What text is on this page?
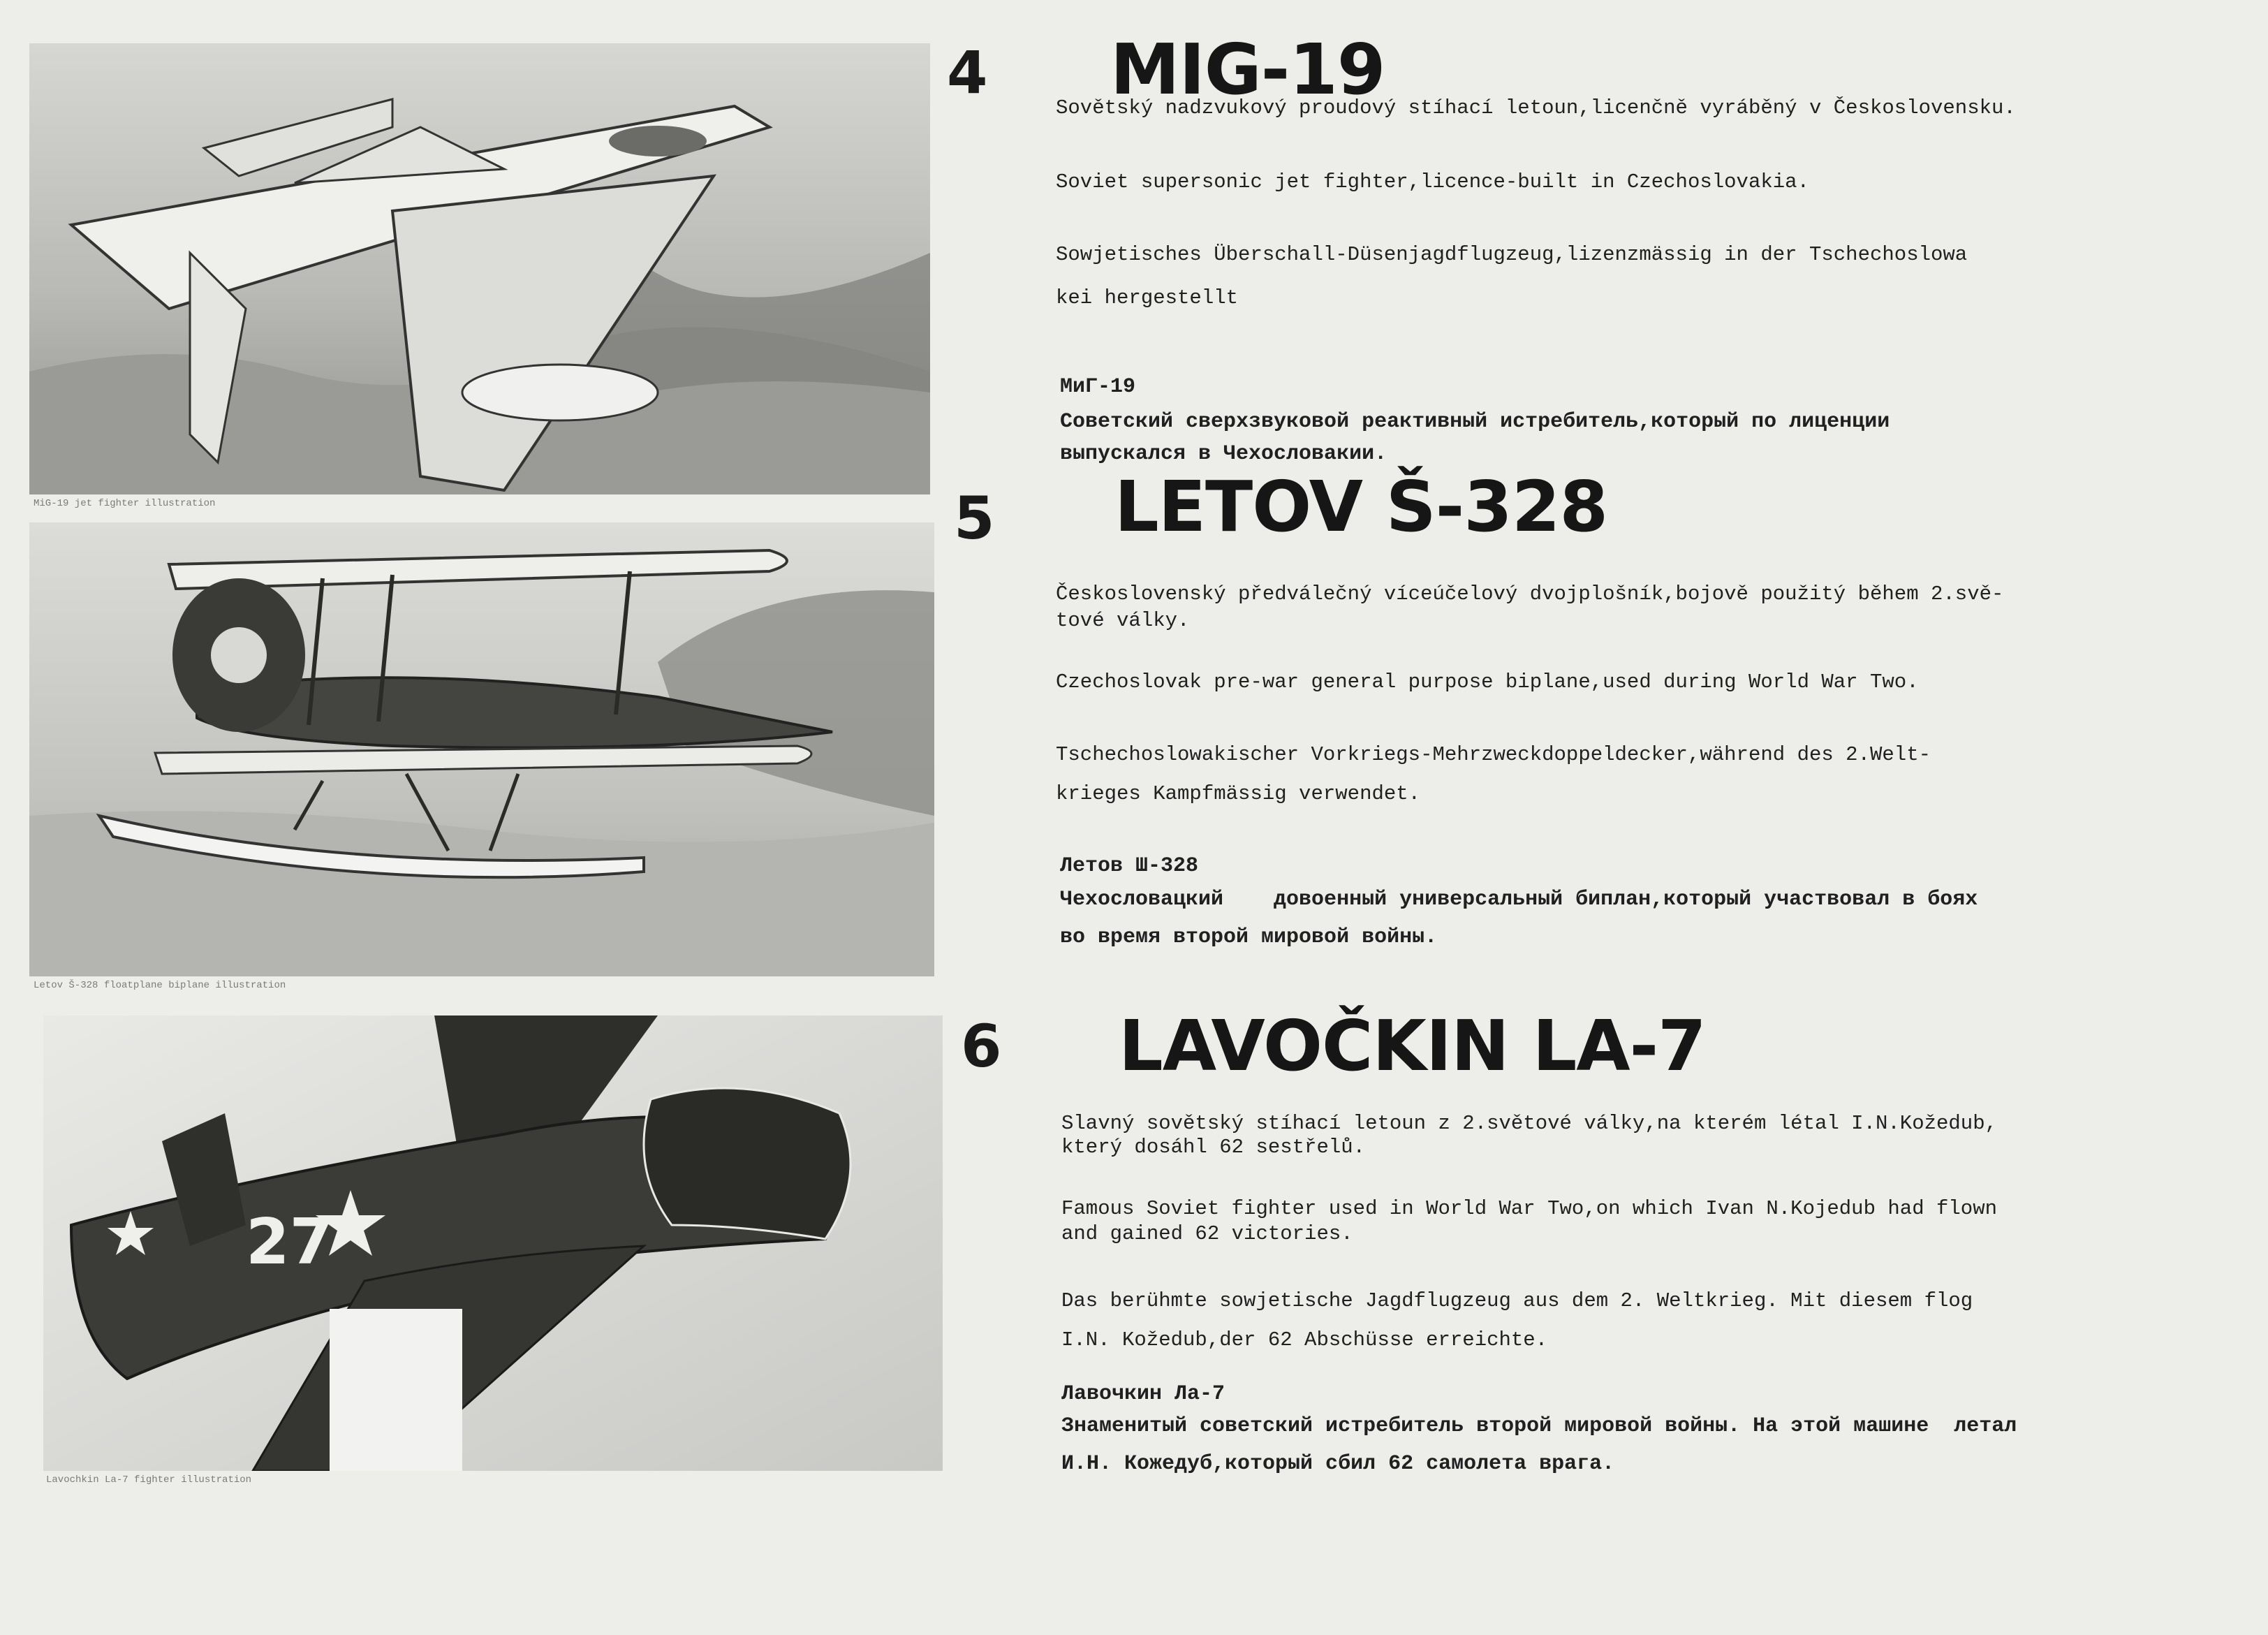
4 MIG-19
Sovětský nadzvukový proudový stíhací letoun,licenčně vyráběný v Československu.
Soviet supersonic jet fighter,licence-built in Czechoslovakia.
Sowjetisches Überschall-Düsenjagdflugzeug,lizenzmässig in der Tschechoslowa
kei hergestellt
МиГ-19
Советский сверхзвуковой реактивный истребитель,который по лиценции
выпускался в Чехословакии.
5 LETOV Š-328
Československý předválečný víceúčelový dvojplošník,bojově použitý během 2.svě-
tové války.
Czechoslovak pre-war general purpose biplane,used during World War Two.
Tschechoslowakischer Vorkriegs-Mehrzweckdoppeldecker,während des 2.Welt-
krieges Kampfmässig verwendet.
Летов Ш-328
Чехословацкий    довоенный универсальный биплан,который участвовал в боях
во время второй мировой войны.
27
6 LAVOČKIN LA-7
Slavný sovětský stíhací letoun z 2.světové války,na kterém létal I.N.Kožedub,
který dosáhl 62 sestřelů.
Famous Soviet fighter used in World War Two,on which Ivan N.Kojedub had flown
and gained 62 victories.
Das berühmte sowjetische Jagdflugzeug aus dem 2. Weltkrieg. Mit diesem flog
I.N. Kožedub,der 62 Abschüsse erreichte.
Лавочкин Ла-7
Знаменитый советский истребитель второй мировой войны. На этой машине  летал
И.Н. Кожедуб,который сбил 62 самолета врага.
MiG-19 jet fighter illustration
Letov Š-328 floatplane biplane illustration
Lavochkin La-7 fighter illustration
